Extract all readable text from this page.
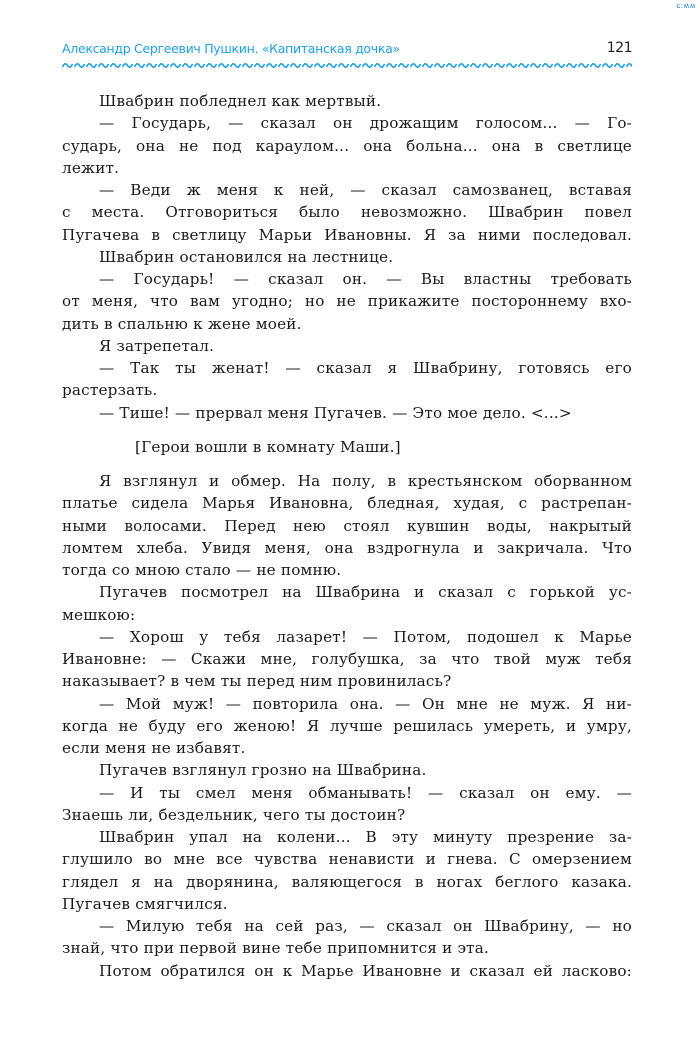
ɕ:ʍʍ
Александр Сергеевич Пушкин. «Капитанская дочка»	121
Швабрин побледнел как мертвый.
— Государь, — сказал он дрожащим голосом... — Го-
сударь, она не под караулом... она больна... она в светлице
лежит.
— Веди ж меня к ней, — сказал самозванец, вставая
с места. Отговориться было невозможно. Швабрин повел
Пугачева в светлицу Марьи Ивановны. Я за ними последовал.
Швабрин остановился на лестнице.
— Государь! — сказал он. — Вы властны требовать
от меня, что вам угодно; но не прикажите постороннему вхо-
дить в спальню к жене моей.
Я затрепетал.
— Так ты женат! — сказал я Швабрину, готовясь его
растерзать.
— Тише! — прервал меня Пугачев. — Это мое дело. <...>
[Герои вошли в комнату Маши.]
Я взглянул и обмер. На полу, в крестьянском оборванном
платье сидела Марья Ивановна, бледная, худая, с растрепан-
ными волосами. Перед нею стоял кувшин воды, накрытый
ломтем хлеба. Увидя меня, она вздрогнула и закричала. Что
тогда со мною стало — не помню.
Пугачев посмотрел на Швабрина и сказал с горькой ус-
мешкою:
— Хорош у тебя лазарет! — Потом, подошел к Марье
Ивановне: — Скажи мне, голубушка, за что твой муж тебя
наказывает? в чем ты перед ним провинилась?
— Мой муж! — повторила она. — Он мне не муж. Я ни-
когда не буду его женою! Я лучше решилась умереть, и умру,
если меня не избавят.
Пугачев взглянул грозно на Швабрина.
— И ты смел меня обманывать! — сказал он ему. —
Знаешь ли, бездельник, чего ты достоин?
Швабрин упал на колени... В эту минуту презрение за-
глушило во мне все чувства ненависти и гнева. С омерзением
глядел я на дворянина, валяющегося в ногах беглого казака.
Пугачев смягчился.
— Милую тебя на сей раз, — сказал он Швабрину, — но
знай, что при первой вине тебе припомнится и эта.
Потом обратился он к Марье Ивановне и сказал ей ласково:
